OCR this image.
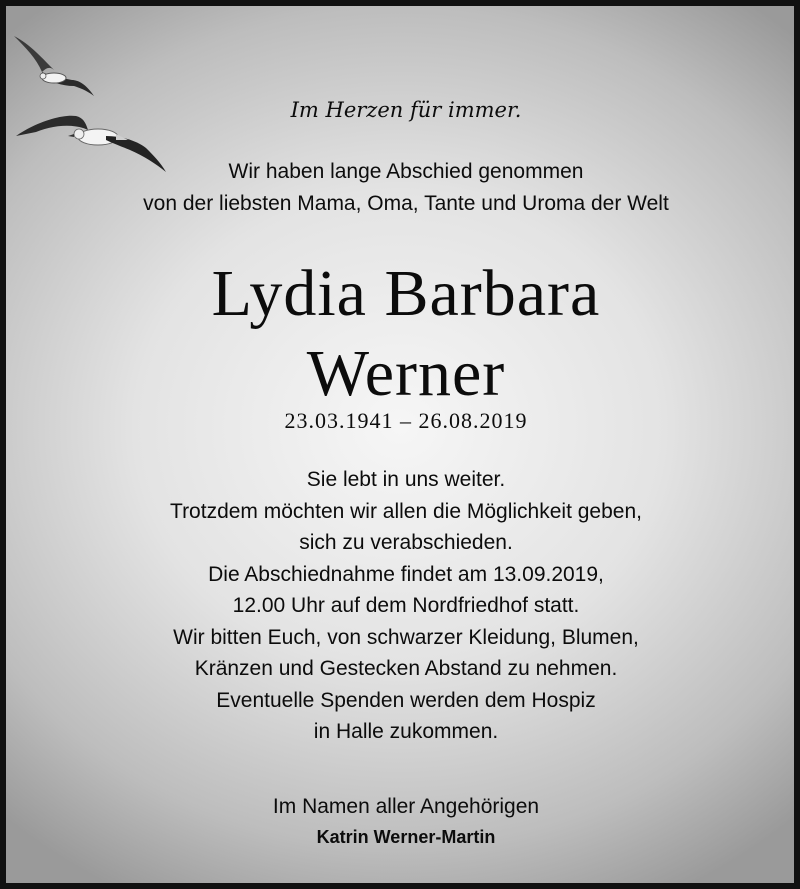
Im Herzen für immer.
Wir haben lange Abschied genommen
von der liebsten Mama, Oma, Tante und Uroma der Welt
Lydia Barbara
Werner
23.03.1941 – 26.08.2019
Sie lebt in uns weiter.
Trotzdem möchten wir allen die Möglichkeit geben,
sich zu verabschieden.
Die Abschiednahme findet am 13.09.2019,
12.00 Uhr auf dem Nordfriedhof statt.
Wir bitten Euch, von schwarzer Kleidung, Blumen,
Kränzen und Gestecken Abstand zu nehmen.
Eventuelle Spenden werden dem Hospiz
in Halle zukommen.
Im Namen aller Angehörigen
Katrin Werner-Martin
